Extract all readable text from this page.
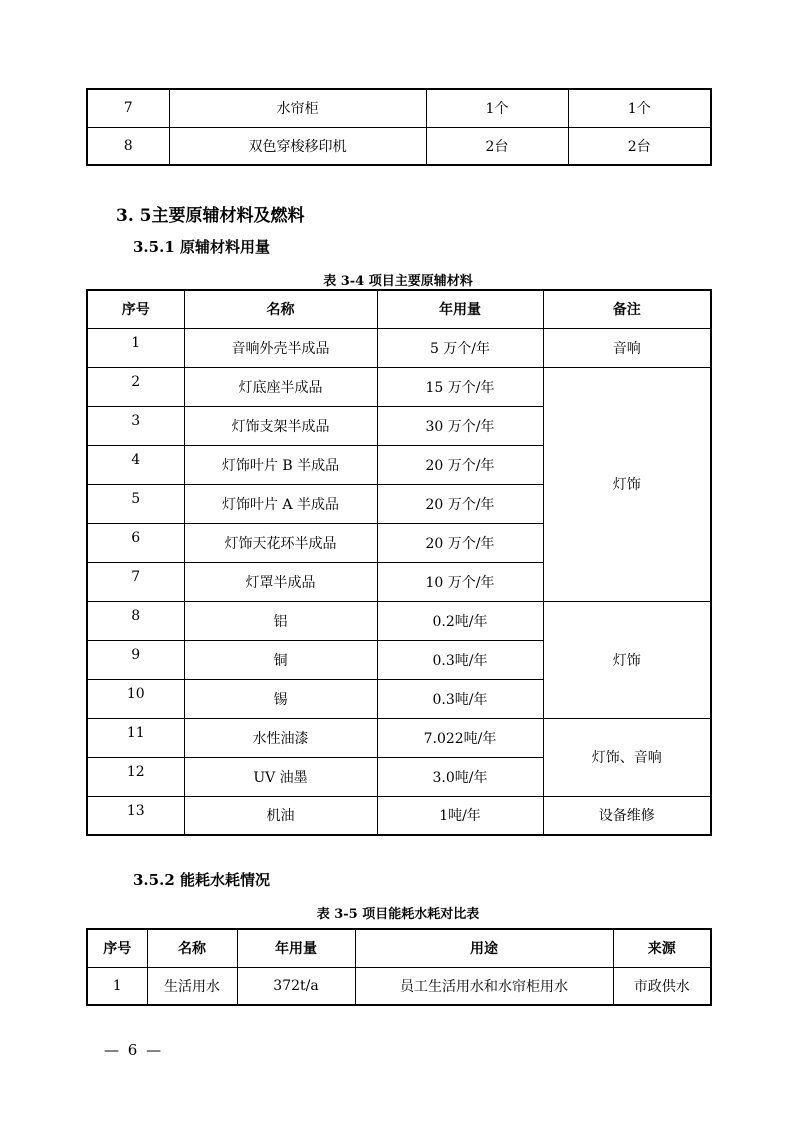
7	水帘柜	1个	1个
8	双色穿梭移印机	2台	2台
3. 5主要原辅材料及燃料
3.5.1 原辅材料用量
表 3-4 项目主要原辅材料
序号	名称	年用量	备注
1	音响外壳半成品	5 万个/年	音响
2	灯底座半成品	15 万个/年	灯饰
3	灯饰支架半成品	30 万个/年	
4	灯饰叶片 B 半成品	20 万个/年	
5	灯饰叶片 A 半成品	20 万个/年	
6	灯饰天花环半成品	20 万个/年	
7	灯罩半成品	10 万个/年	
8	铝	0.2吨/年	灯饰
9	铜	0.3吨/年	
10	锡	0.3吨/年	
11	水性油漆	7.022吨/年	灯饰、音响
12	UV 油墨	3.0吨/年	
13	机油	1吨/年	设备维修
3.5.2 能耗水耗情况
表 3-5 项目能耗水耗对比表
序号	名称	年用量	用途	来源
1	生活用水	372t/a	员工生活用水和水帘柜用水	市政供水
— 6 —
